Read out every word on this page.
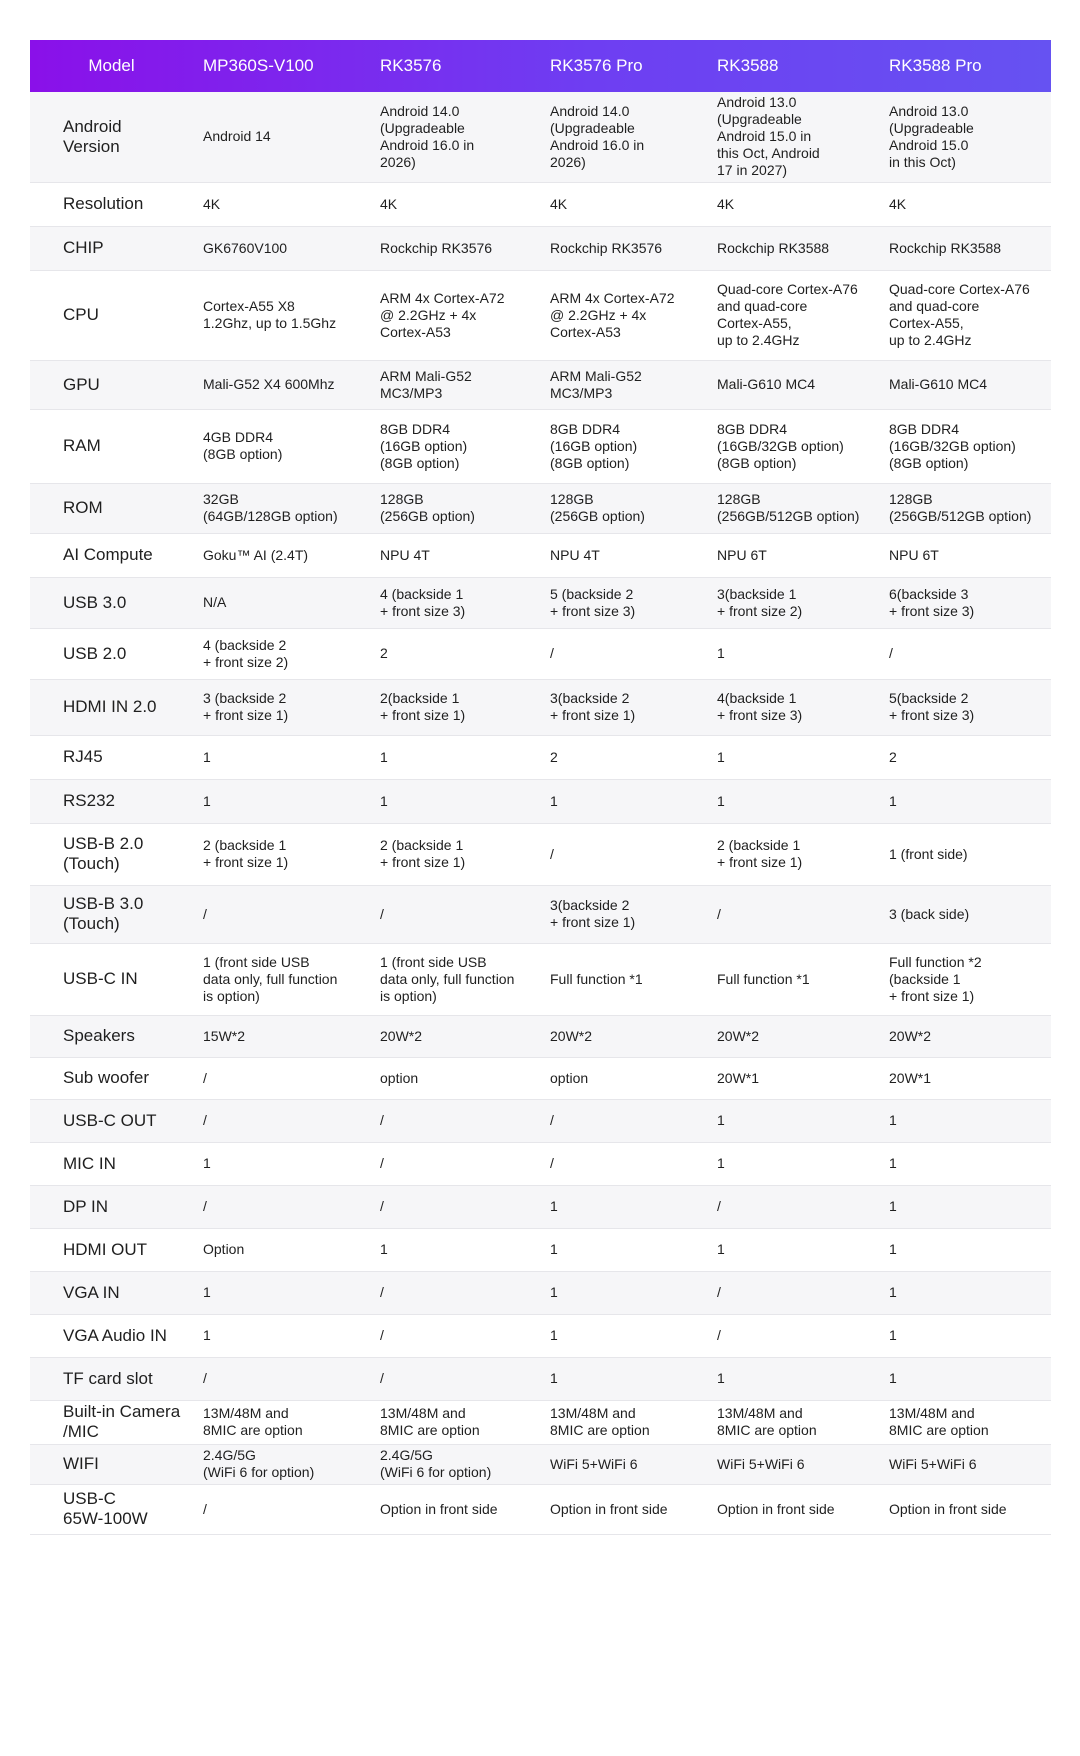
Model	MP360S-V100	RK3576	RK3576 Pro	RK3588	RK3588 Pro
Android
Version	Android 14	Android 14.0
(Upgradeable
Android 16.0 in
2026)	Android 14.0
(Upgradeable
Android 16.0 in
2026)	Android 13.0
(Upgradeable
Android 15.0 in
this Oct, Android
17 in 2027)	Android 13.0
(Upgradeable
Android 15.0
in this Oct)
Resolution	4K	4K	4K	4K	4K
CHIP	GK6760V100	Rockchip RK3576	Rockchip RK3576	Rockchip RK3588	Rockchip RK3588
CPU	Cortex-A55 X8
1.2Ghz, up to 1.5Ghz	ARM 4x Cortex-A72
@ 2.2GHz + 4x
Cortex-A53	ARM 4x Cortex-A72
@ 2.2GHz + 4x
Cortex-A53	Quad-core Cortex-A76
and quad-core
Cortex-A55,
up to 2.4GHz	Quad-core Cortex-A76
and quad-core
Cortex-A55,
up to 2.4GHz
GPU	Mali-G52 X4 600Mhz	ARM Mali-G52
MC3/MP3	ARM Mali-G52
MC3/MP3	Mali-G610 MC4	Mali-G610 MC4
RAM	4GB DDR4
(8GB option)	8GB DDR4
(16GB option)
(8GB option)	8GB DDR4
(16GB option)
(8GB option)	8GB DDR4
(16GB/32GB option)
(8GB option)	8GB DDR4
(16GB/32GB option)
(8GB option)
ROM	32GB
(64GB/128GB option)	128GB
(256GB option)	128GB
(256GB option)	128GB
(256GB/512GB option)	128GB
(256GB/512GB option)
AI Compute	Goku™ AI (2.4T)	NPU 4T	NPU 4T	NPU 6T	NPU 6T
USB 3.0	N/A	4 (backside 1
+ front size 3)	5 (backside 2
+ front size 3)	3(backside 1
+ front size 2)	6(backside 3
+ front size 3)
USB 2.0	4 (backside 2
+ front size 2)	2	/	1	/
HDMI IN 2.0	3 (backside 2
+ front size 1)	2(backside 1
+ front size 1)	3(backside 2
+ front size 1)	4(backside 1
+ front size 3)	5(backside 2
+ front size 3)
RJ45	1	1	2	1	2
RS232	1	1	1	1	1
USB-B 2.0
(Touch)	2 (backside 1
+ front size 1)	2 (backside 1
+ front size 1)	/	2 (backside 1
+ front size 1)	1 (front side)
USB-B 3.0
(Touch)	/	/	3(backside 2
+ front size 1)	/	3 (back side)
USB-C IN	1 (front side USB
data only, full function
is option)	1 (front side USB
data only, full function
is option)	Full function *1	Full function *1	Full function *2
(backside 1
+ front size 1)
Speakers	15W*2	20W*2	20W*2	20W*2	20W*2
Sub woofer	/	option	option	20W*1	20W*1
USB-C OUT	/	/	/	1	1
MIC IN	1	/	/	1	1
DP IN	/	/	1	/	1
HDMI OUT	Option	1	1	1	1
VGA IN	1	/	1	/	1
VGA Audio IN	1	/	1	/	1
TF card slot	/	/	1	1	1
Built-in Camera
/MIC	13M/48M and
8MIC are option	13M/48M and
8MIC are option	13M/48M and
8MIC are option	13M/48M and
8MIC are option	13M/48M and
8MIC are option
WIFI	2.4G/5G
(WiFi 6 for option)	2.4G/5G
(WiFi 6 for option)	WiFi 5+WiFi 6	WiFi 5+WiFi 6	WiFi 5+WiFi 6
USB-C
65W-100W	/	Option in front side	Option in front side	Option in front side	Option in front side
